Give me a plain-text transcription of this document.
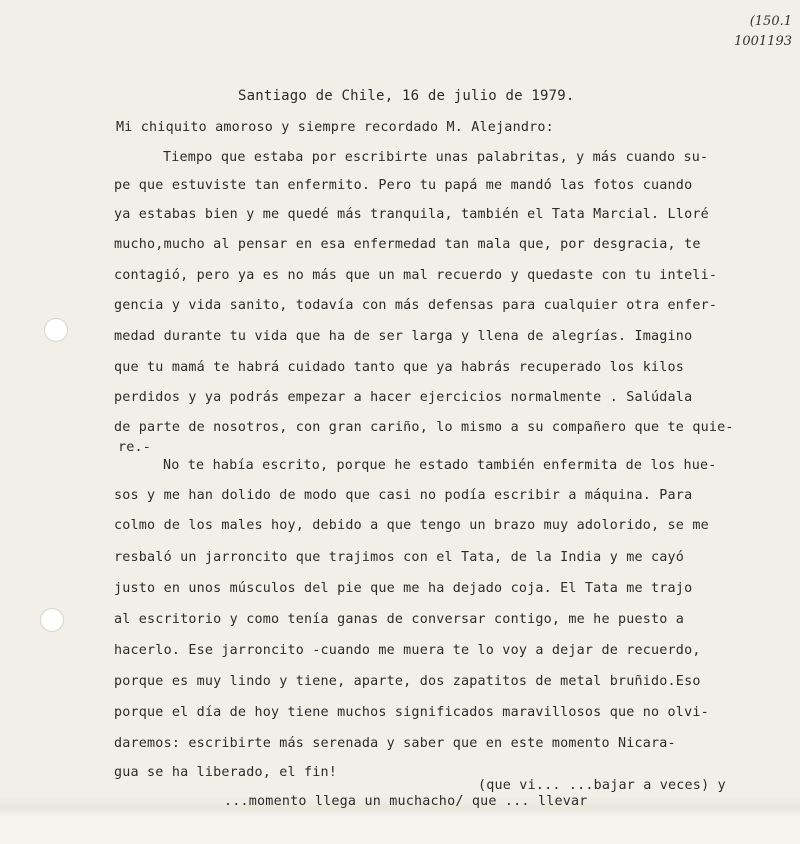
(150.1
1001193
Santiago de Chile, 16 de julio de 1979.
Mi chiquito amoroso y siempre recordado M. Alejandro:
Tiempo que estaba por escribirte unas palabritas, y más cuando su-
pe que estuviste tan enfermito. Pero tu papá me mandó las fotos cuando
ya estabas bien y me quedé más tranquila, también el Tata Marcial. Lloré
mucho,mucho al pensar en esa enfermedad tan mala que, por desgracia, te
contagió, pero ya es no más que un mal recuerdo y quedaste con tu inteli-
gencia y vida sanito, todavía con más defensas para cualquier otra enfer-
medad durante tu vida que ha de ser larga y llena de alegrías. Imagino
que tu mamá te habrá cuidado tanto que ya habrás recuperado los kilos
perdidos y ya podrás empezar a hacer ejercicios normalmente . Salúdala
de parte de nosotros, con gran cariño, lo mismo a su compañero que te quie-
re.-
No te había escrito, porque he estado también enfermita de los hue-
sos y me han dolido de modo que casi no podía escribir a máquina. Para
colmo de los males hoy, debido a que tengo un brazo muy adolorido, se me
resbaló un jarroncito que trajimos con el Tata, de la India y me cayó
justo en unos músculos del pie que me ha dejado coja. El Tata me trajo
al escritorio y como tenía ganas de conversar contigo, me he puesto a
hacerlo. Ese jarroncito -cuando me muera te lo voy a dejar de recuerdo,
porque es muy lindo y tiene, aparte, dos zapatitos de metal bruñido.Eso
porque el día de hoy tiene muchos significados maravillosos que no olvi-
daremos: escribirte más serenada y saber que en este momento Nicara-
gua se ha liberado, el fin!
(que vi... ...bajar a veces) y
...momento llega un muchacho/ que ... llevar
